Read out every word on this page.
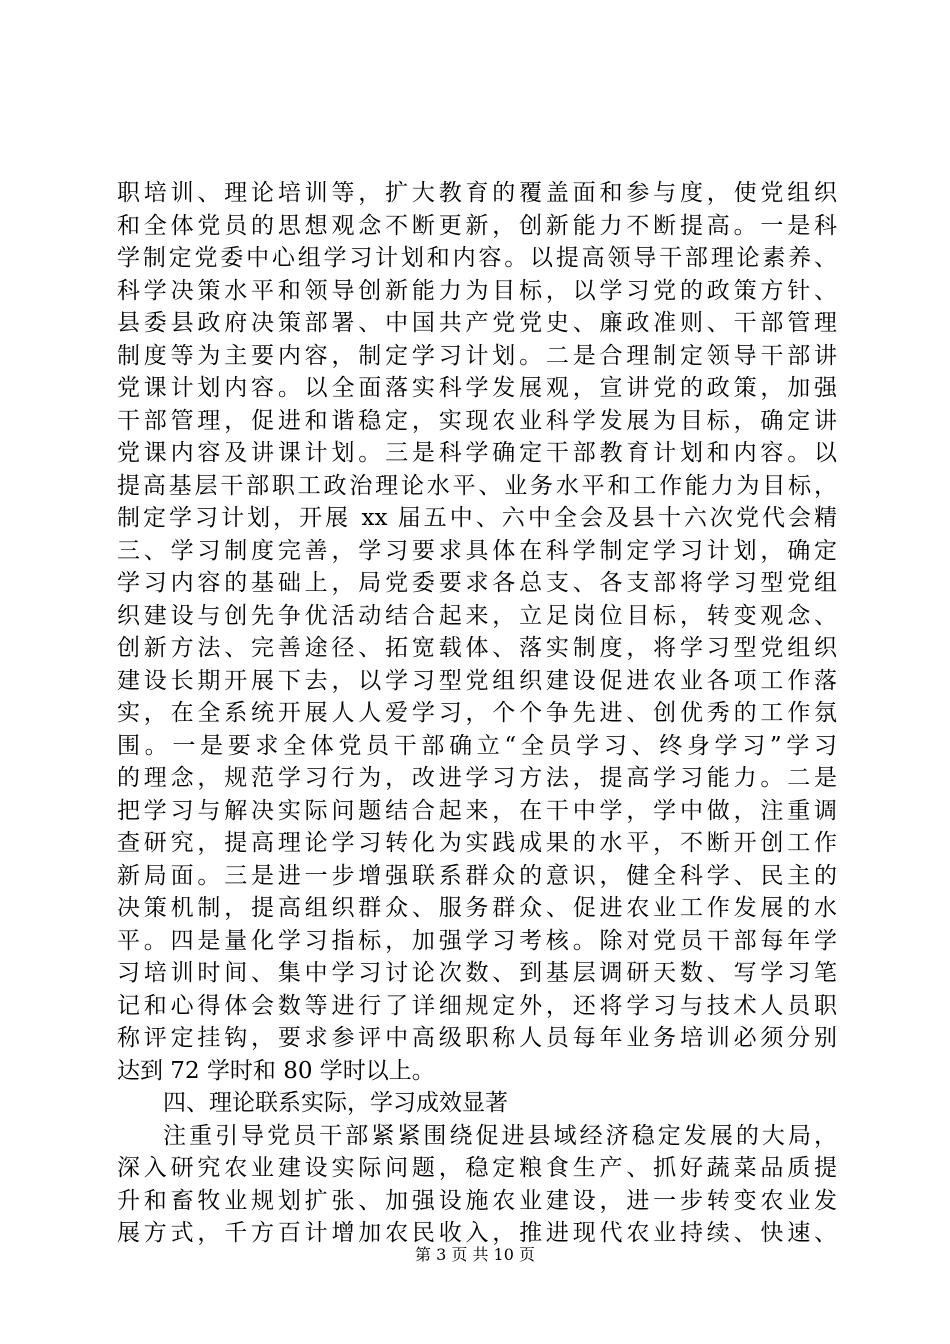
职培训、理论培训等，扩大教育的覆盖面和参与度，使党组织
和全体党员的思想观念不断更新，创新能力不断提高。一是科
学制定党委中心组学习计划和内容。以提高领导干部理论素养、
科学决策水平和领导创新能力为目标，以学习党的政策方针、
县委县政府决策部署、中国共产党党史、廉政准则、干部管理
制度等为主要内容，制定学习计划。二是合理制定领导干部讲
党课计划内容。以全面落实科学发展观，宣讲党的政策，加强
干部管理，促进和谐稳定，实现农业科学发展为目标，确定讲
党课内容及讲课计划。三是科学确定干部教育计划和内容。以
提高基层干部职工政治理论水平、业务水平和工作能力为目标，
制定学习计划，开展 xx 届五中、六中全会及县十六次党代会精
三、学习制度完善，学习要求具体在科学制定学习计划，确定
学习内容的基础上，局党委要求各总支、各支部将学习型党组
织建设与创先争优活动结合起来，立足岗位目标，转变观念、
创新方法、完善途径、拓宽载体、落实制度，将学习型党组织
建设长期开展下去，以学习型党组织建设促进农业各项工作落
实，在全系统开展人人爱学习，个个争先进、创优秀的工作氛
围。一是要求全体党员干部确立“全员学习、终身学习”学习
的理念，规范学习行为，改进学习方法，提高学习能力。二是
把学习与解决实际问题结合起来，在干中学，学中做，注重调
查研究，提高理论学习转化为实践成果的水平，不断开创工作
新局面。三是进一步增强联系群众的意识，健全科学、民主的
决策机制，提高组织群众、服务群众、促进农业工作发展的水
平。四是量化学习指标，加强学习考核。除对党员干部每年学
习培训时间、集中学习讨论次数、到基层调研天数、写学习笔
记和心得体会数等进行了详细规定外，还将学习与技术人员职
称评定挂钩，要求参评中高级职称人员每年业务培训必须分别
达到 72 学时和 80 学时以上。
四、理论联系实际，学习成效显著
注重引导党员干部紧紧围绕促进县域经济稳定发展的大局，
深入研究农业建设实际问题，稳定粮食生产、抓好蔬菜品质提
升和畜牧业规划扩张、加强设施农业建设，进一步转变农业发
展方式，千方百计增加农民收入，推进现代农业持续、快速、
第 3 页 共 10 页
